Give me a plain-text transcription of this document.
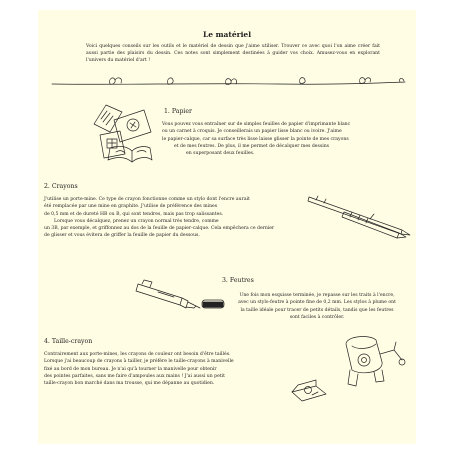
Le matériel
Voici quelques conseils sur les outils et le matériel de dessin que j'aime utiliser. Trouver ce avec quoi l'on aime créer fait aussi partie des plaisirs du dessin. Ces notes sont simplement destinées à guider vos choix. Amusez-vous en explorant l'univers du matériel d'art !
1. Papier
Vous pouvez vous entraîner sur de simples feuilles de papier d'imprimante blanc
ou un carnet à croquis. Je conseillerais un papier lisse blanc ou ivoire. J'aime
le papier-calque, car sa surface très lisse laisse glisser la pointe de mes crayons
et de mes feutres. De plus, il me permet de décalquer mes dessins
en superposant deux feuilles.
2. Crayons
J'utilise un porte-mine. Ce type de crayon fonctionne comme un stylo dont l'encre aurait
été remplacée par une mine en graphite. J'utilise de préférence des mines
de 0,5 mm et de dureté HB ou B, qui sont tendres, mais pas trop salissantes.
Lorsque vous décalquez, prenez un crayon normal très tendre, comme
un 3B, par exemple, et griffonnez au dos de la feuille de papier-calque. Cela empêchera ce dernier
de glisser et vous évitera de griffer la feuille de papier du dessous.
3. Feutres
Une fois mon esquisse terminée, je repasse sur les traits à l'encre,
avec un stylo-feutre à pointe fine de 0,2 mm. Les stylos à plume ont
la taille idéale pour tracer de petits détails, tandis que les feutres
sont faciles à contrôler.
4. Taille-crayon
Contrairement aux porte-mines, les crayons de couleur ont besoin d'être taillés.
Lorsque j'ai beaucoup de crayons à tailler, je préfère le taille-crayons à manivelle
fixé au bord de mon bureau. Je n'ai qu'à tourner la manivelle pour obtenir
des pointes parfaites, sans me faire d'ampoules aux mains ! J'ai aussi un petit
taille-crayon bon marché dans ma trousse, qui me dépanne au quotidien.
